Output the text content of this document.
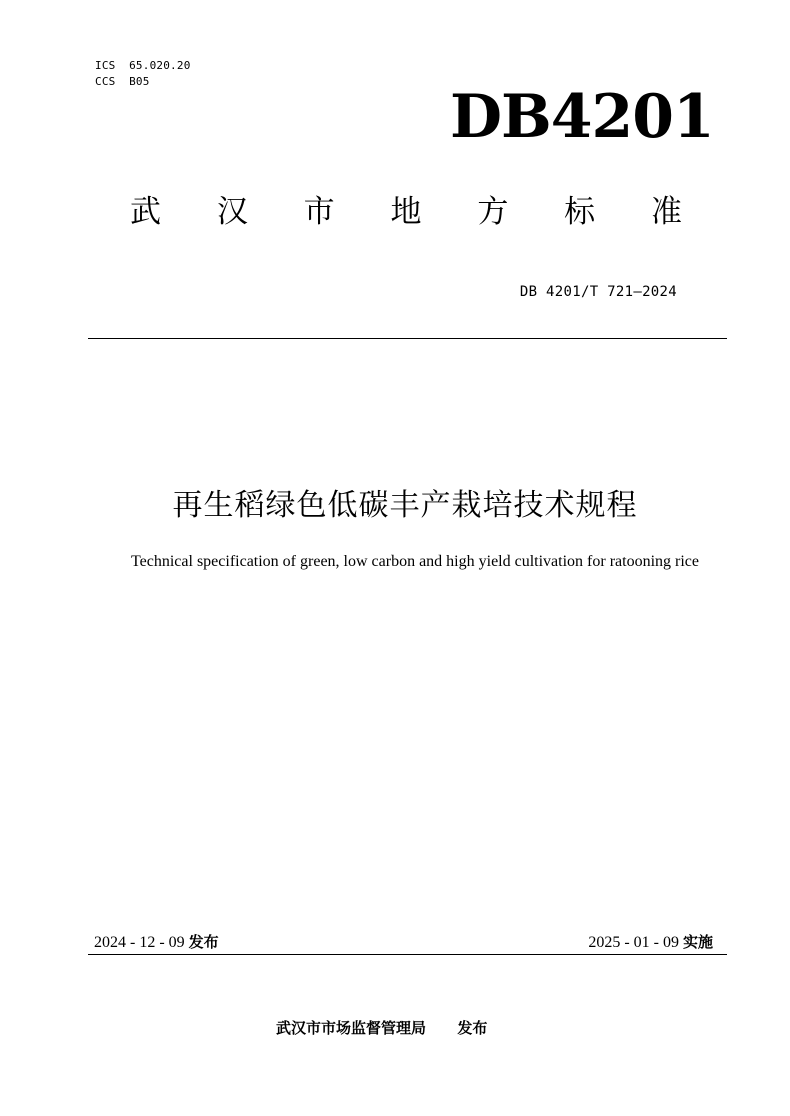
ICS  65.020.20
CCS  B05
DB4201
武 汉 市 地 方 标 准
DB 4201/T 721—2024
再生稻绿色低碳丰产栽培技术规程
Technical specification of green, low carbon and high yield cultivation for ratooning rice
2024 - 12 - 09 发布	2025 - 01 - 09 实施
武汉市市场监督管理局 发布
